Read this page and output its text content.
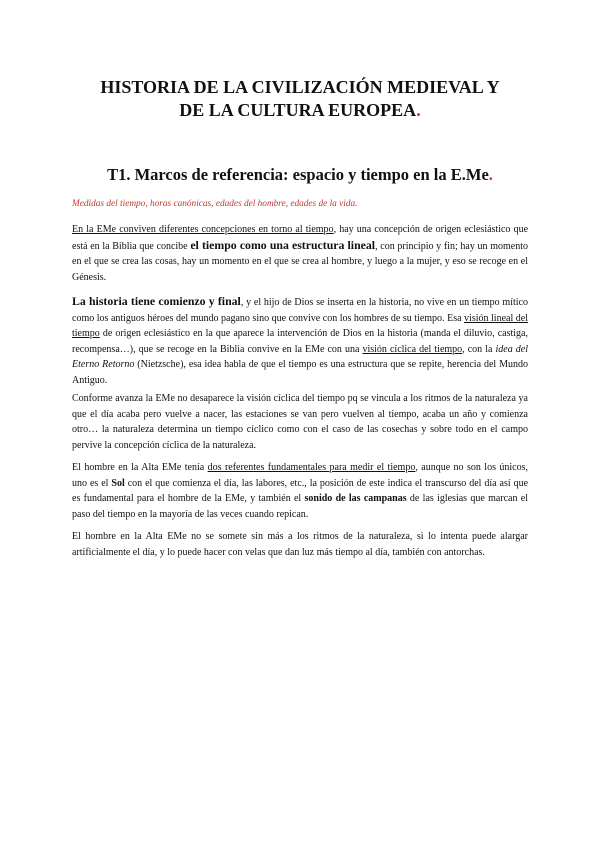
HISTORIA DE LA CIVILIZACIÓN MEDIEVAL Y
DE LA CULTURA EUROPEA.
T1. Marcos de referencia: espacio y tiempo en la E.Me.

Medidas del tiempo, horas canónicas, edades del hombre, edades de la vida.

En la EMe conviven diferentes concepciones en torno al tiempo, hay una concepción de origen eclesiástico que está en la Biblia que concibe el tiempo como una estructura lineal, con principio y fin; hay un momento en el que se crea las cosas, hay un momento en el que se crea al hombre, y luego a la mujer, y eso se recoge en el Génesis.

La historia tiene comienzo y final, y el hijo de Dios se inserta en la historia, no vive en un tiempo mítico como los antiguos héroes del mundo pagano sino que convive con los hombres de su tiempo. Esa visión lineal del tiempo de origen eclesiástico en la que aparece la intervención de Dios en la historia (manda el diluvio, castiga, recompensa…), que se recoge en la Biblia convive en la EMe con una visión cíclica del tiempo, con la idea del Eterno Retorno (Nietzsche), esa idea habla de que el tiempo es una estructura que se repite, herencia del Mundo Antiguo.

Conforme avanza la EMe no desaparece la visión cíclica del tiempo pq se vincula a los ritmos de la naturaleza ya que el día acaba pero vuelve a nacer, las estaciones se van pero vuelven al tiempo, acaba un año y comienza otro… la naturaleza determina un tiempo cíclico como con el caso de las cosechas y sobre todo en el campo pervive la concepción cíclica de la naturaleza.

El hombre en la Alta EMe tenía dos referentes fundamentales para medir el tiempo, aunque no son los únicos, uno es el Sol con el que comienza el día, las labores, etc., la posición de este indica el transcurso del día así que es fundamental para el hombre de la EMe, y también el sonido de las campanas de las iglesias que marcan el paso del tiempo en la mayoría de las veces cuando repican.

El hombre en la Alta EMe no se somete sin más a los ritmos de la naturaleza, si lo intenta puede alargar artificialmente el día, y lo puede hacer con velas que dan luz más tiempo al día, también con antorchas.
